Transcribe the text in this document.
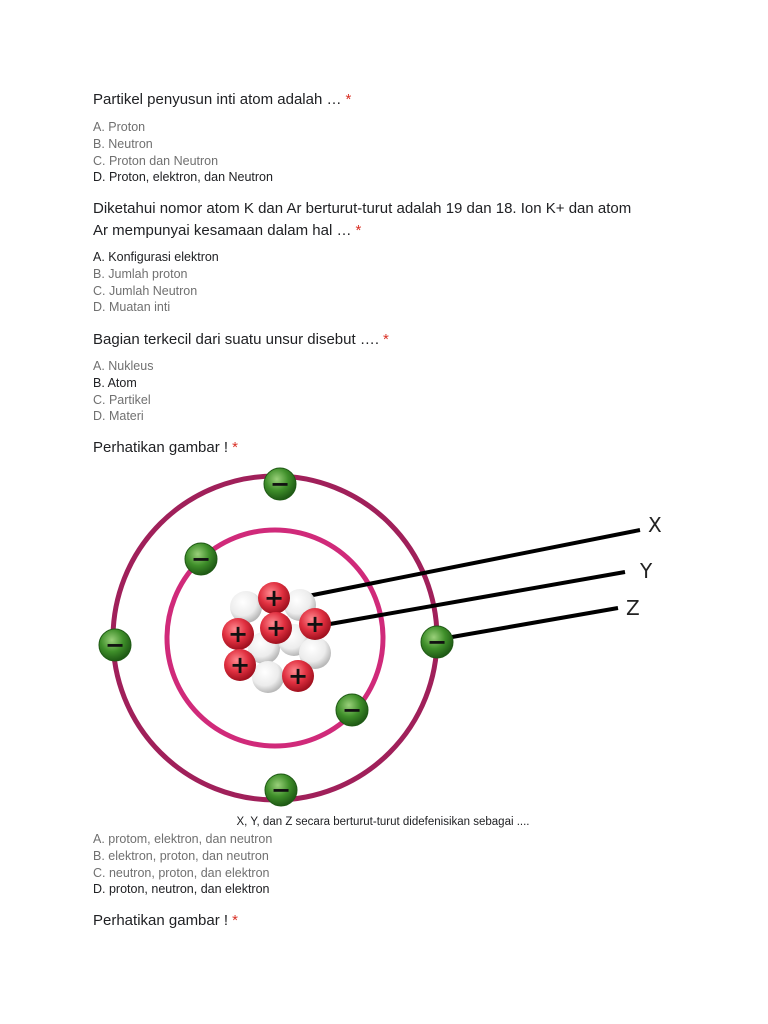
Partikel penyusun inti atom adalah … *
A. Proton
B. Neutron
C. Proton dan Neutron
D. Proton, elektron, dan Neutron
Diketahui nomor atom K dan Ar berturut-turut adalah 19 dan 18. Ion K+ dan atom
Ar mempunyai kesamaan dalam hal … *
A. Konfigurasi elektron
B. Jumlah proton
C. Jumlah Neutron
D. Muatan inti
Bagian terkecil dari suatu unsur disebut …. *
A. Nukleus
B. Atom
C. Partikel
D. Materi
Perhatikan gambar ! *
+
+ + +
+ +
−
−
−	−
−
−
X
Y
Z
X, Y, dan Z secara berturut-turut didefenisikan sebagai ....
A. protom, elektron, dan neutron
B. elektron, proton, dan neutron
C. neutron, proton, dan elektron
D. proton, neutron, dan elektron
Perhatikan gambar ! *
